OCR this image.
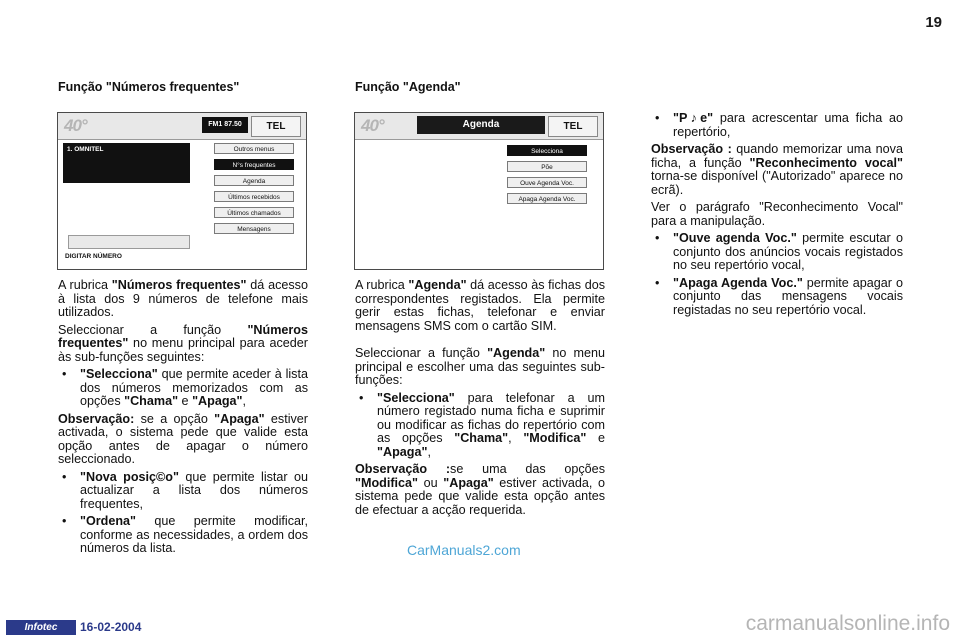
19
Função "Números frequentes"
40°	FM1 87.50	TEL
1. OMNITEL	Outros menus
N°s frequentes
Agenda
Últimos recebidos
Últimos chamados
Mensagens
DIGITAR NÚMERO

A rubrica "Números frequentes" dá acesso à lista dos 9 números de telefone mais utilizados.

Seleccionar a função "Números frequentes" no menu principal para aceder às sub-funções seguintes:

• "Selecciona" que permite aceder à lista dos números memorizados com as opções "Chama" e "Apaga",

Observação: se a opção "Apaga" estiver activada, o sistema pede que valide esta opção antes de apagar o número seleccionado.

• "Nova posiç©o" que permite listar ou actualizar a lista dos números frequentes,
• "Ordena" que permite modificar, conforme as necessidades, a ordem dos números da lista.
Função "Agenda"
40°	Agenda	TEL
Selecciona
Põe
Ouve Agenda Voc.
Apaga Agenda Voc.

A rubrica "Agenda" dá acesso às fichas dos correspondentes registados. Ela permite gerir estas fichas, telefonar e enviar mensagens SMS com o cartão SIM.

Seleccionar a função "Agenda" no menu principal e escolher uma das seguintes sub-funções:

• "Selecciona" para telefonar a um número registado numa ficha e suprimir ou modificar as fichas do repertório com as opções "Chama", "Modifica" e "Apaga",

Observação :se uma das opções "Modifica" ou "Apaga" estiver activada, o sistema pede que valide esta opção antes de efectuar a acção requerida.

• "P♪e" para acrescentar uma ficha ao repertório,

Observação : quando memorizar uma nova ficha, a função "Reconhecimento vocal" torna-se disponível ("Autorizado" aparece no ecrã).

Ver o parágrafo "Reconhecimento Vocal" para a manipulação.

• "Ouve agenda Voc." permite escutar o conjunto dos anúncios vocais registados no seu repertório vocal,
• "Apaga Agenda Voc." permite apagar o conjunto das mensagens vocais registadas no seu repertório vocal.
CarManuals2.com
Infotec	16-02-2004	carmanualsonline.info
